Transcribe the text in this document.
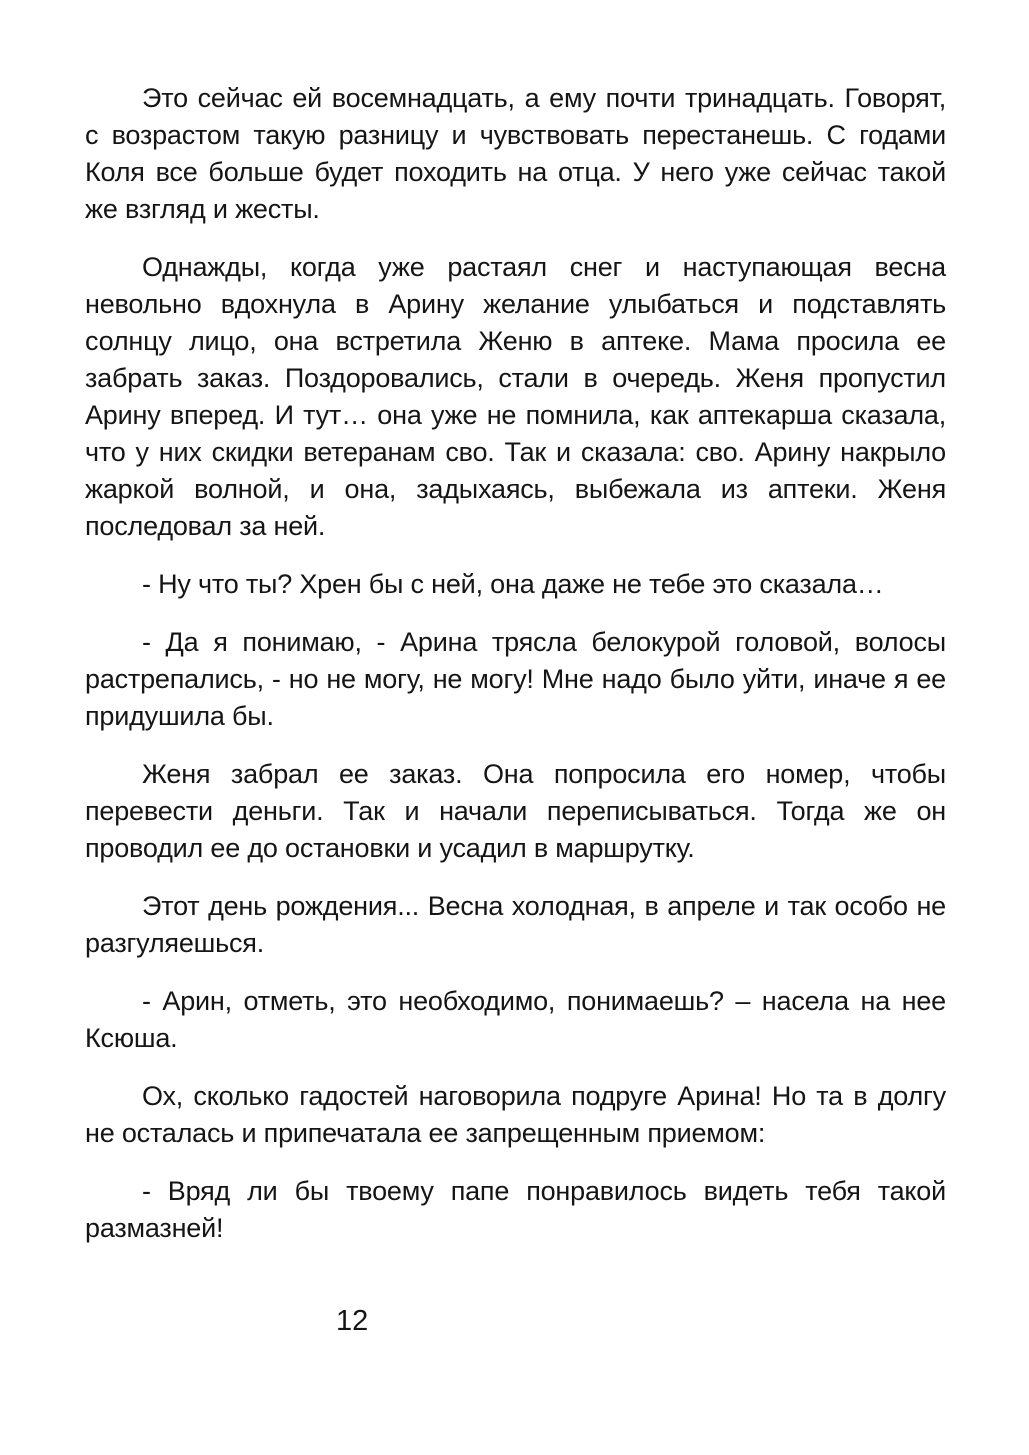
Это сейчас ей восемнадцать, а ему почти тринадцать. Говорят, с возрастом такую разницу и чувствовать перестанешь. С годами Коля все больше будет походить на отца. У него уже сейчас такой же взгляд и жесты.

Однажды, когда уже растаял снег и наступающая весна невольно вдохнула в Арину желание улыбаться и подставлять солнцу лицо, она встретила Женю в аптеке. Мама просила ее забрать заказ. Поздоровались, стали в очередь. Женя пропустил Арину вперед. И тут… она уже не помнила, как аптекарша сказала, что у них скидки ветеранам сво. Так и сказала: сво. Арину накрыло жаркой волной, и она, задыхаясь, выбежала из аптеки. Женя последовал за ней.

- Ну что ты? Хрен бы с ней, она даже не тебе это сказала…

- Да я понимаю, - Арина трясла белокурой головой, волосы растрепались, - но не могу, не могу! Мне надо было уйти, иначе я ее придушила бы.

Женя забрал ее заказ. Она попросила его номер, чтобы перевести деньги. Так и начали переписываться. Тогда же он проводил ее до остановки и усадил в маршрутку.

Этот день рождения... Весна холодная, в апреле и так особо не разгуляешься.

- Арин, отметь, это необходимо, понимаешь? – насела на нее Ксюша.

Ох, сколько гадостей наговорила подруге Арина! Но та в долгу не осталась и припечатала ее запрещенным приемом:

- Вряд ли бы твоему папе понравилось видеть тебя такой размазней!

12
